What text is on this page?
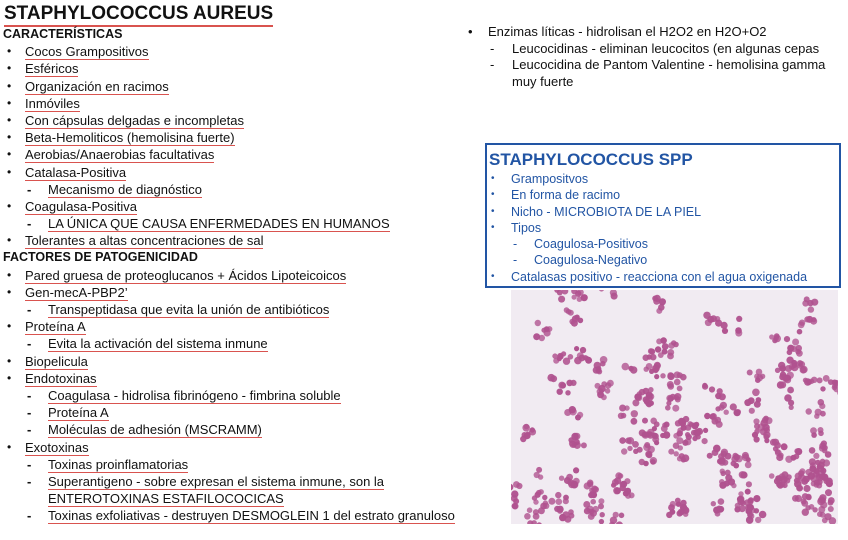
STAPHYLOCOCCUS AUREUS
CARACTERÍSTICAS
• Cocos Grampositivos
• Esféricos
• Organización en racimos
• Inmóviles
• Con cápsulas delgadas e incompletas
• Beta-Hemoliticos (hemolisina fuerte)
• Aerobias/Anaerobias facultativas
• Catalasa-Positiva
- Mecanismo de diagnóstico
• Coagulasa-Positiva
- LA ÚNICA QUE CAUSA ENFERMEDADES EN HUMANOS
• Tolerantes a altas concentraciones de sal
FACTORES DE PATOGENICIDAD
• Pared gruesa de proteoglucanos + Ácidos Lipoteicoicos
• Gen-mecA-PBP2’
- Transpeptidasa que evita la unión de antibióticos
• Proteína A
- Evita la activación del sistema inmune
• Biopelicula
• Endotoxinas
- Coagulasa - hidrolisa fibrinógeno - fimbrina soluble
- Proteína A
- Moléculas de adhesión (MSCRAMM)
• Exotoxinas
- Toxinas proinflamatorias
- Superantigeno - sobre expresan el sistema inmune, son la
ENTEROTOXINAS ESTAFILOCOCICAS
- Toxinas exfoliativas - destruyen DESMOGLEIN 1 del estrato granuloso
• Enzimas líticas - hidrolisan el H2O2 en H2O+O2
- Leucocidinas - eliminan leucocitos (en algunas cepas
- Leucocidina de Pantom Valentine - hemolisina gamma muy fuerte
STAPHYLOCOCCUS SPP
• Grampositvos
• En forma de racimo
• Nicho - MICROBIOTA DE LA PIEL
• Tipos
- Coagulosa-Positivos
- Coagulosa-Negativo
• Catalasas positivo - reacciona con el agua oxigenada
